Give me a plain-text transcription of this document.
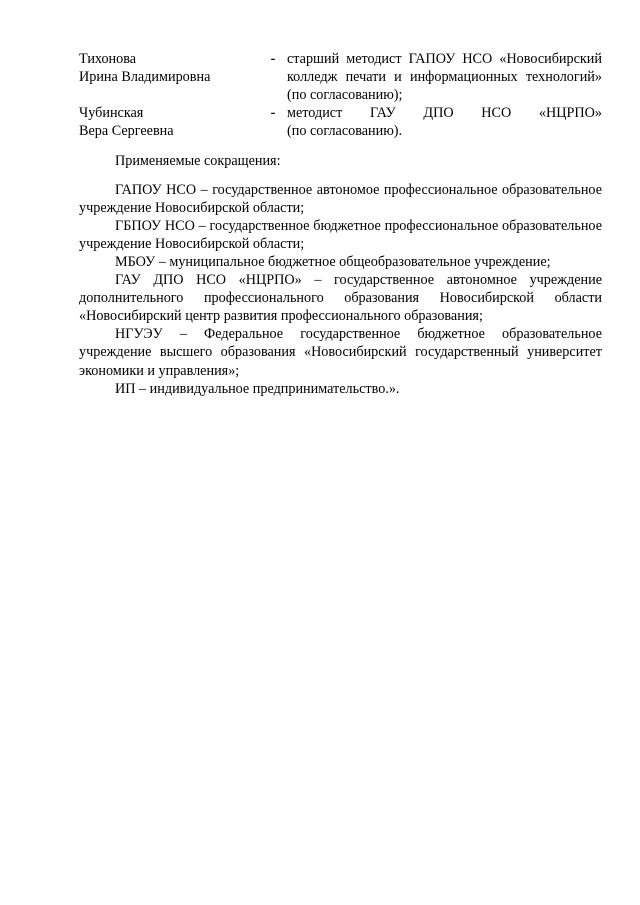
Тихонова
Ирина Владимировна
- старший методист ГАПОУ НСО «Новосибирский
колледж печати и информационных технологий»
(по согласованию);
Чубинская
Вера Сергеевна
- методист ГАУ ДПО НСО «НЦРПО»
(по согласованию).

Применяемые сокращения:

ГАПОУ НСО – государственное автономое профессиональное образовательное учреждение Новосибирской области;

ГБПОУ НСО – государственное бюджетное профессиональное образовательное учреждение Новосибирской области;

МБОУ – муниципальное бюджетное общеобразовательное учреждение;

ГАУ ДПО НСО «НЦРПО» – государственное автономное учреждение дополнительного профессионального образования Новосибирской области «Новосибирский центр развития профессионального образования;

НГУЭУ – Федеральное государственное бюджетное образовательное учреждение высшего образования «Новосибирский государственный университет экономики и управления»;

ИП – индивидуальное предпринимательство.».
